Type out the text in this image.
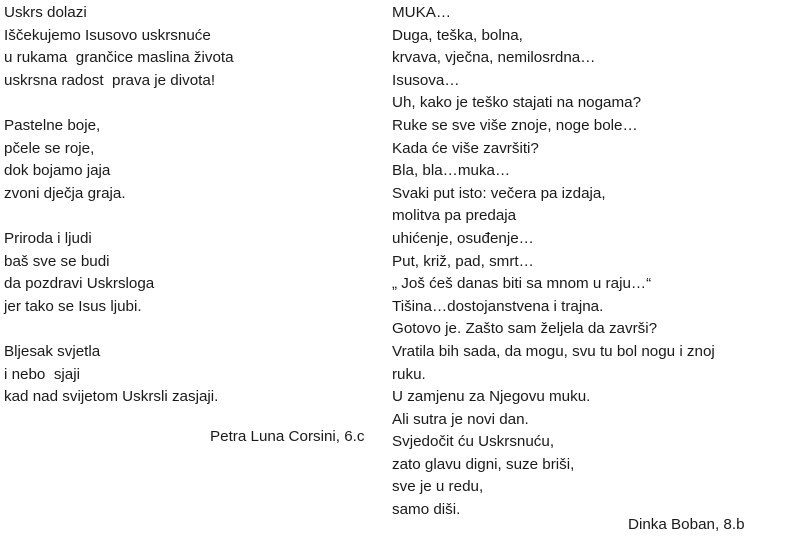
Uskrs dolazi
Iščekujemo Isusovo uskrsnuće
u rukama  grančice maslina života
uskrsna radost  prava je divota!
Pastelne boje,
pčele se roje,
dok bojamo jaja
zvoni dječja graja.
Priroda i ljudi
baš sve se budi
da pozdravi Uskrsloga
jer tako se Isus ljubi.
Bljesak svjetla
i nebo  sjaji
kad nad svijetom Uskrsli zasjaji.
Petra Luna Corsini, 6.c
MUKA…
Duga, teška, bolna,
krvava, vječna, nemilosrdna…
Isusova…
Uh, kako je teško stajati na nogama?
Ruke se sve više znoje, noge bole…
Kada će više završiti?
Bla, bla…muka…
Svaki put isto: večera pa izdaja,
molitva pa predaja
uhićenje, osuđenje…
Put, križ, pad, smrt…
„ Još ćeš danas biti sa mnom u raju…“
Tišina…dostojanstvena i trajna.
Gotovo je. Zašto sam željela da završi?
Vratila bih sada, da mogu, svu tu bol nogu i znoj
ruku.
U zamjenu za Njegovu muku.
Ali sutra je novi dan.
Svjedočit ću Uskrsnuću,
zato glavu digni, suze briši,
sve je u redu,
samo diši.
Dinka Boban, 8.b
